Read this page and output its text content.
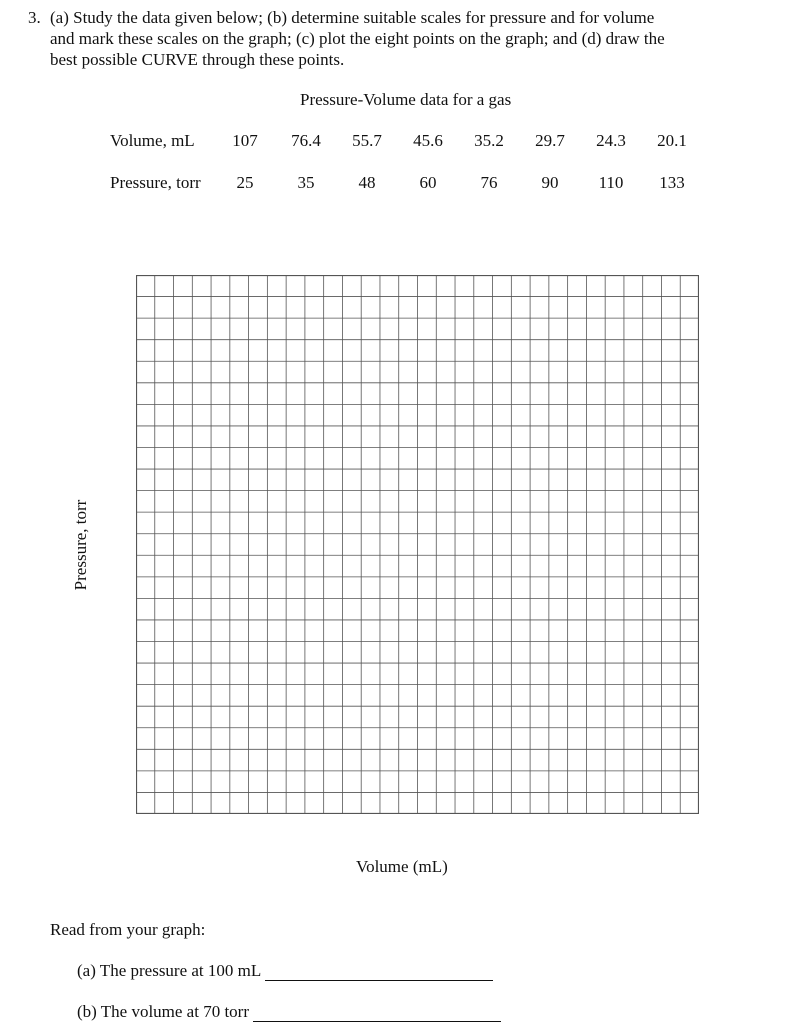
3. (a) Study the data given below; (b) determine suitable scales for pressure and for volume
and mark these scales on the graph; (c) plot the eight points on the graph; and (d) draw the
best possible CURVE through these points.
Pressure-Volume data for a gas
Volume, mL	107	76.4	55.7	45.6	35.2	29.7	24.3	20.1
Pressure, torr	25	35	48	60	76	90	110	133
Pressure, torr
Volume (mL)
Read from your graph:
(a) The pressure at 100 mL
(b) The volume at 70 torr
